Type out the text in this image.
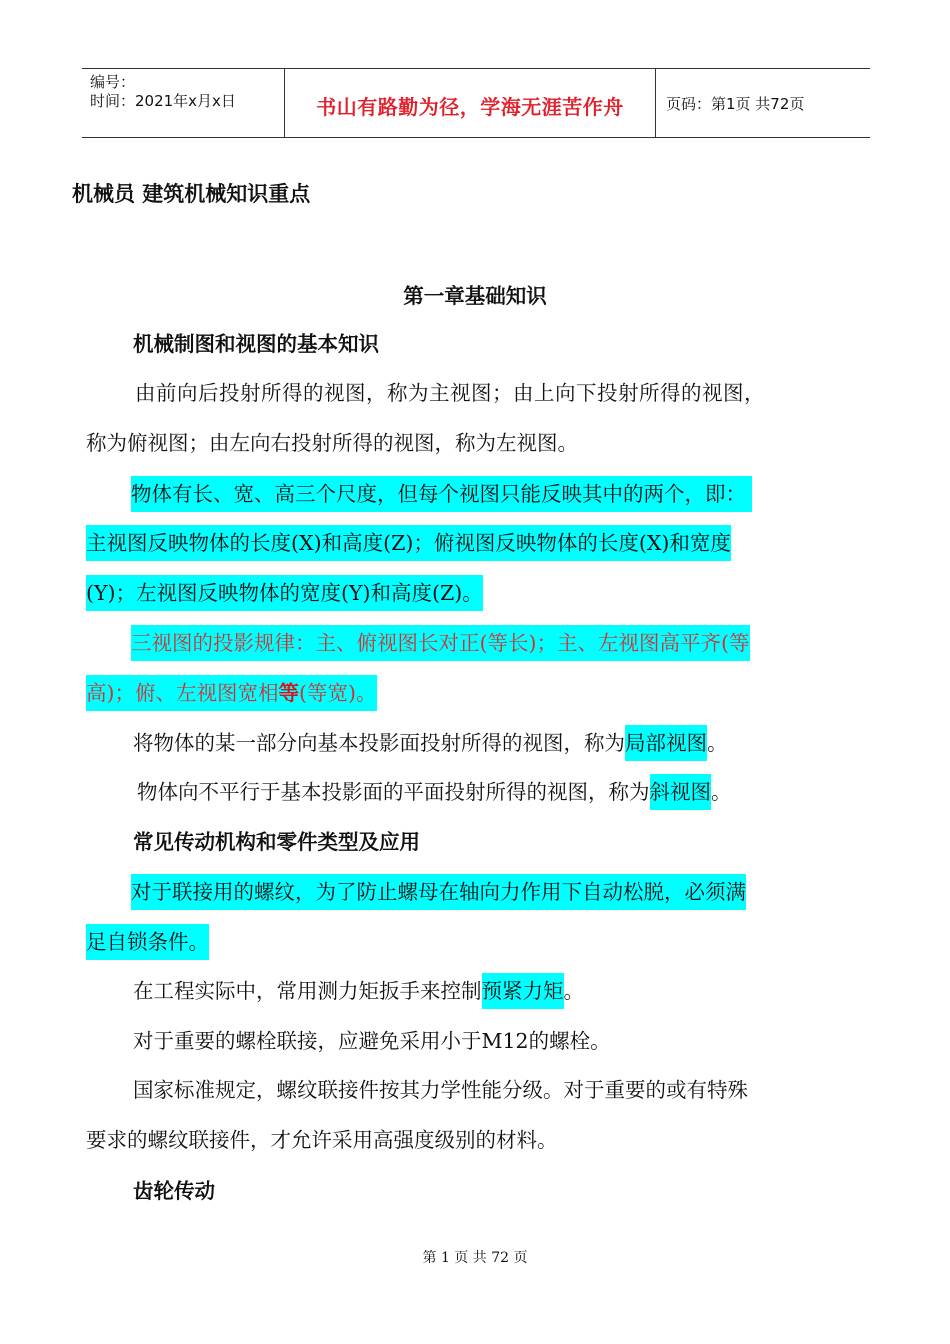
编号：
时间：2021年x月x日	书山有路勤为径，学海无涯苦作舟	页码：第1页 共72页
机械员 建筑机械知识重点
第一章基础知识
机械制图和视图的基本知识
由前向后投射所得的视图，称为主视图；由上向下投射所得的视图，
称为俯视图；由左向右投射所得的视图，称为左视图。
物体有长、宽、高三个尺度，但每个视图只能反映其中的两个，即：
主视图反映物体的长度(X)和高度(Z)；俯视图反映物体的长度(X)和宽度
(Y)；左视图反映物体的宽度(Y)和高度(Z)。
三视图的投影规律：主、俯视图长对正(等长)；主、左视图高平齐(等
高)；俯、左视图宽相等(等宽)。
将物体的某一部分向基本投影面投射所得的视图，称为局部视图。
物体向不平行于基本投影面的平面投射所得的视图，称为斜视图。
常见传动机构和零件类型及应用
对于联接用的螺纹，为了防止螺母在轴向力作用下自动松脱，必须满
足自锁条件。
在工程实际中，常用测力矩扳手来控制预紧力矩。
对于重要的螺栓联接，应避免采用小于M12的螺栓。
国家标准规定，螺纹联接件按其力学性能分级。对于重要的或有特殊
要求的螺纹联接件，才允许采用高强度级别的材料。
齿轮传动
第 1 页 共 72 页
